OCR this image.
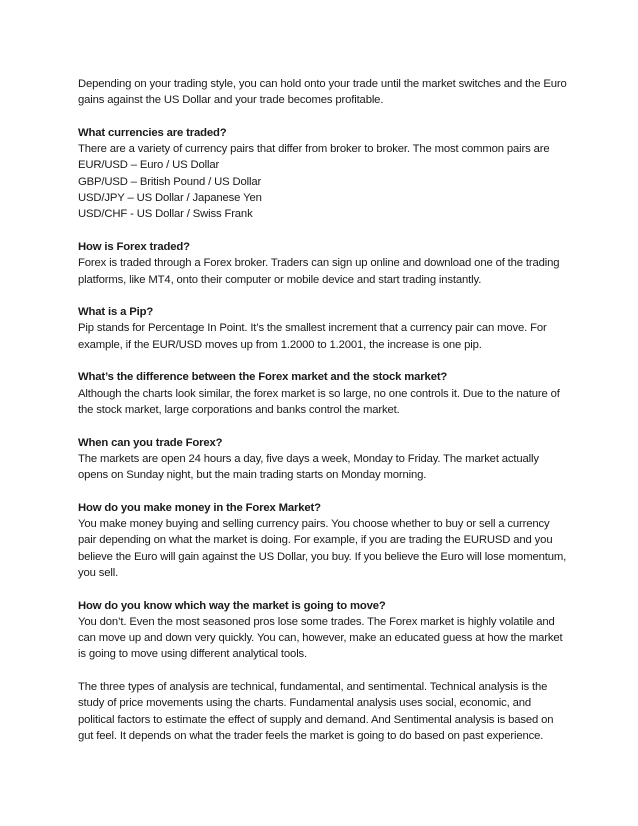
Depending on your trading style, you can hold onto your trade until the market switches and the Euro gains against the US Dollar and your trade becomes profitable.
What currencies are traded?
There are a variety of currency pairs that differ from broker to broker. The most common pairs are EUR/USD – Euro / US Dollar
GBP/USD – British Pound / US Dollar
USD/JPY – US Dollar / Japanese Yen
USD/CHF - US Dollar / Swiss Frank
How is Forex traded?
Forex is traded through a Forex broker. Traders can sign up online and download one of the trading platforms, like MT4, onto their computer or mobile device and start trading instantly.
What is a Pip?
Pip stands for Percentage In Point. It’s the smallest increment that a currency pair can move. For example, if the EUR/USD moves up from 1.2000 to 1.2001, the increase is one pip.
What’s the difference between the Forex market and the stock market?
Although the charts look similar, the forex market is so large, no one controls it. Due to the nature of the stock market, large corporations and banks control the market.
When can you trade Forex?
The markets are open 24 hours a day, five days a week, Monday to Friday. The market actually opens on Sunday night, but the main trading starts on Monday morning.
How do you make money in the Forex Market?
You make money buying and selling currency pairs. You choose whether to buy or sell a currency pair depending on what the market is doing. For example, if you are trading the EURUSD and you believe the Euro will gain against the US Dollar, you buy. If you believe the Euro will lose momentum, you sell.
How do you know which way the market is going to move?
You don’t. Even the most seasoned pros lose some trades. The Forex market is highly volatile and can move up and down very quickly. You can, however, make an educated guess at how the market is going to move using different analytical tools.
The three types of analysis are technical, fundamental, and sentimental. Technical analysis is the study of price movements using the charts. Fundamental analysis uses social, economic, and political factors to estimate the effect of supply and demand. And Sentimental analysis is based on gut feel. It depends on what the trader feels the market is going to do based on past experience.
